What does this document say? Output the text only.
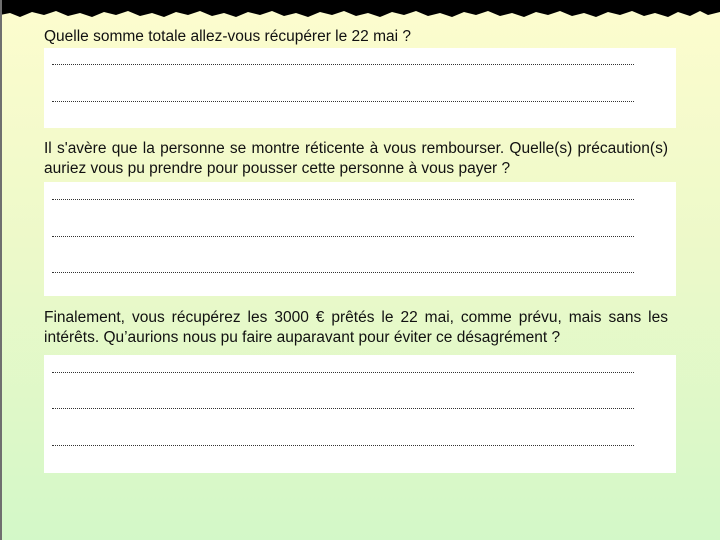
Quelle somme totale allez-vous récupérer le 22 mai ?
Il s'avère que la personne se montre réticente à vous rembourser. Quelle(s) précaution(s) auriez vous pu prendre pour pousser cette personne à vous payer ?
Finalement, vous récupérez les 3000 € prêtés le 22 mai, comme prévu, mais sans les intérêts. Qu’aurions nous pu faire auparavant pour éviter ce désagrément ?
